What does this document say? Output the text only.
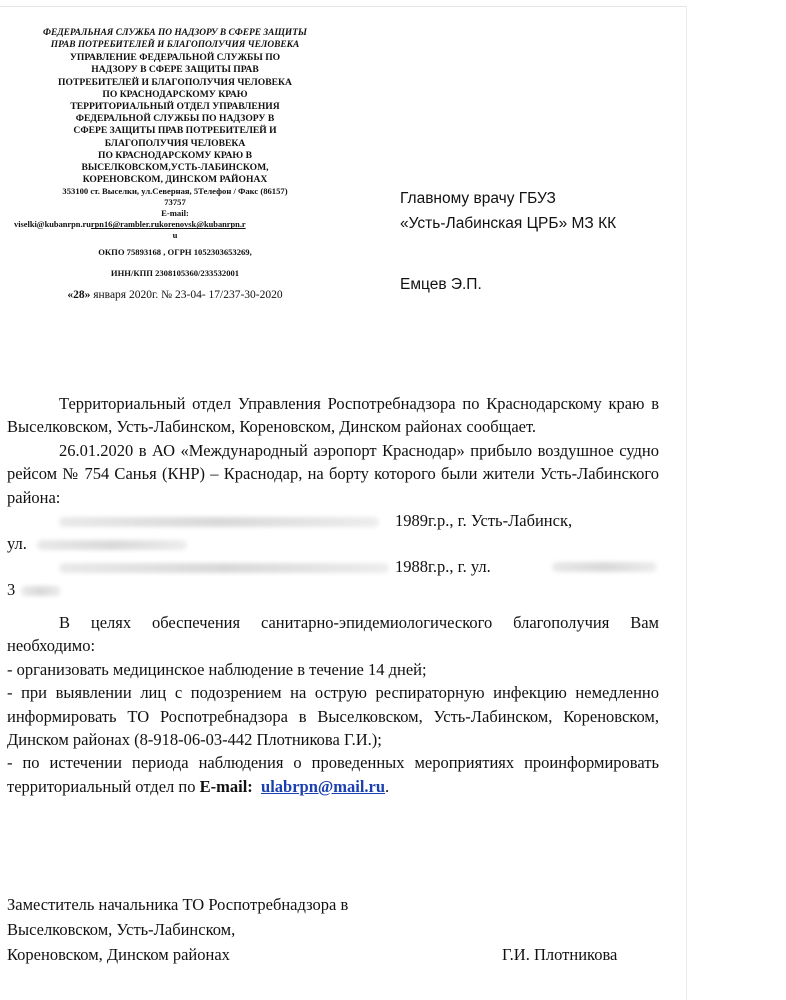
ФЕДЕРАЛЬНАЯ СЛУЖБА ПО НАДЗОРУ В СФЕРЕ ЗАЩИТЫ
ПРАВ ПОТРЕБИТЕЛЕЙ И БЛАГОПОЛУЧИЯ ЧЕЛОВЕКА
УПРАВЛЕНИЕ ФЕДЕРАЛЬНОЙ СЛУЖБЫ ПО
НАДЗОРУ В СФЕРЕ ЗАЩИТЫ ПРАВ
ПОТРЕБИТЕЛЕЙ И БЛАГОПОЛУЧИЯ ЧЕЛОВЕКА
ПО КРАСНОДАРСКОМУ КРАЮ
ТЕРРИТОРИАЛЬНЫЙ ОТДЕЛ УПРАВЛЕНИЯ
ФЕДЕРАЛЬНОЙ СЛУЖБЫ ПО НАДЗОРУ В
СФЕРЕ ЗАЩИТЫ ПРАВ ПОТРЕБИТЕЛЕЙ И
БЛАГОПОЛУЧИЯ ЧЕЛОВЕКА
ПО КРАСНОДАРСКОМУ КРАЮ В
ВЫСЕЛКОВСКОМ,УСТЬ-ЛАБИНСКОМ,
КОРЕНОВСКОМ, ДИНСКОМ РАЙОНАХ
353100 ст. Выселки, ул.Северная, 5Телефон / Факс (86157)
73757
E-mail:
viselki@kubanrpn.rurpn16@rambler.rukorenovsk@kubanrpn.r
u
ОКПО 75893168 , ОГРН 1052303653269,
ИНН/КПП 2308105360/233532001
«28» января 2020г. № 23-04- 17/237-30-2020
Главному врачу ГБУЗ
«Усть-Лабинская ЦРБ» МЗ КК
Емцев Э.П.

Территориальный отдел Управления Роспотребнадзора по Краснодарскому краю в Выселковском, Усть-Лабинском, Кореновском, Динском районах сообщает.

26.01.2020 в АО «Международный аэропорт Краснодар» прибыло воздушное судно рейсом № 754 Санья (КНР) – Краснодар, на борту которого были жители Усть-Лабинского района:

1989г.р., г. Усть-Лабинск,
ул.
1988г.р., г. ул.
3

В целях обеспечения санитарно-эпидемиологического благополучия Вам необходимо:

- организовать медицинское наблюдение в течение 14 дней;

- при выявлении лиц с подозрением на острую респираторную инфекцию немедленно информировать ТО Роспотребнадзора в Выселковском, Усть-Лабинском, Кореновском, Динском районах (8-918-06-03-442 Плотникова Г.И.);

- по истечении периода наблюдения о проведенных мероприятиях проинформировать территориальный отдел по E-mail: ulabrpn@mail.ru.

Заместитель начальника ТО Роспотребнадзора в
Выселковском, Усть-Лабинском,
Кореновском, Динском районах	Г.И. Плотникова
